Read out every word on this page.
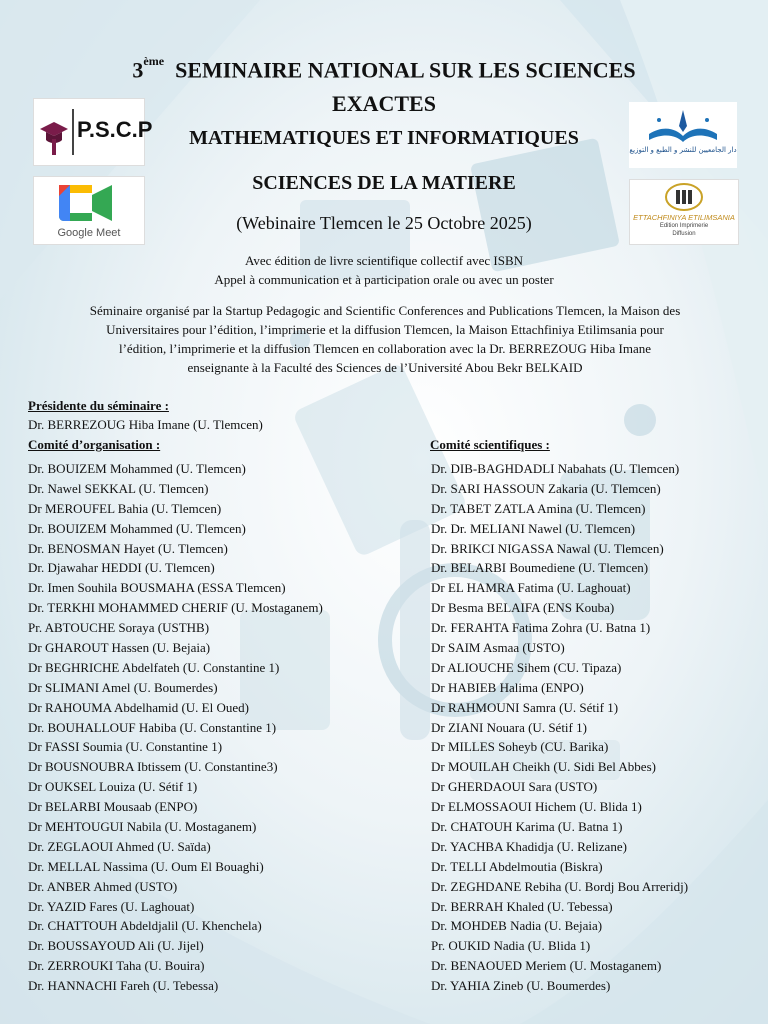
P.S.C.P
Google Meet
دار الجامعيين للنشر و الطبع و التوزيع
ETTACHFINIYA ETILIMSANIA
Edition Imprimerie
Diffusion
3ème SEMINAIRE NATIONAL SUR LES SCIENCES
EXACTES
MATHEMATIQUES ET INFORMATIQUES
SCIENCES DE LA MATIERE
(Webinaire Tlemcen le 25 Octobre 2025)
Avec édition de livre scientifique collectif avec ISBN
Appel à communication et à participation orale ou avec un poster
Séminaire organisé par la Startup Pedagogic and Scientific Conferences and Publications Tlemcen, la Maison des
Universitaires pour l’édition, l’imprimerie et la diffusion Tlemcen, la Maison Ettachfiniya Etilimsania pour
l’édition, l’imprimerie et la diffusion Tlemcen en collaboration avec la Dr. BERREZOUG Hiba Imane
enseignante à la Faculté des Sciences de l’Université Abou Bekr BELKAID
Présidente du séminaire :
Dr. BERREZOUG Hiba Imane (U. Tlemcen)
Comité d’organisation :	Comité scientifiques :
Dr. BOUIZEM Mohammed (U. Tlemcen)
Dr. Nawel SEKKAL (U. Tlemcen)
Dr MEROUFEL Bahia (U. Tlemcen)
Dr. BOUIZEM Mohammed (U. Tlemcen)
Dr. BENOSMAN Hayet (U. Tlemcen)
Dr. Djawahar HEDDI (U. Tlemcen)
Dr. Imen Souhila BOUSMAHA (ESSA Tlemcen)
Dr. TERKHI MOHAMMED CHERIF (U. Mostaganem)
Pr. ABTOUCHE Soraya (USTHB)
Dr GHAROUT Hassen (U. Bejaia)
Dr BEGHRICHE Abdelfateh (U. Constantine 1)
Dr SLIMANI Amel (U. Boumerdes)
Dr RAHOUMA Abdelhamid (U. El Oued)
Dr. BOUHALLOUF Habiba (U. Constantine 1)
Dr FASSI Soumia (U. Constantine 1)
Dr BOUSNOUBRA Ibtissem (U. Constantine3)
Dr OUKSEL Louiza (U. Sétif 1)
Dr BELARBI Mousaab (ENPO)
Dr MEHTOUGUI Nabila (U. Mostaganem)
Dr. ZEGLAOUI Ahmed (U. Saïda)
Dr. MELLAL Nassima (U. Oum El Bouaghi)
Dr. ANBER Ahmed (USTO)
Dr. YAZID Fares (U. Laghouat)
Dr. CHATTOUH Abdeldjalil (U. Khenchela)
Dr. BOUSSAYOUD Ali (U. Jijel)
Dr. ZERROUKI Taha (U. Bouira)
Dr. HANNACHI Fareh (U. Tebessa)
Dr. DIB-BAGHDADLI Nabahats (U. Tlemcen)
Dr. SARI HASSOUN Zakaria (U. Tlemcen)
Dr. TABET ZATLA Amina (U. Tlemcen)
Dr. Dr. MELIANI Nawel (U. Tlemcen)
Dr. BRIKCI NIGASSA Nawal (U. Tlemcen)
Dr. BELARBI Boumediene (U. Tlemcen)
Dr EL HAMRA Fatima (U. Laghouat)
Dr Besma BELAIFA (ENS Kouba)
Dr. FERAHTA Fatima Zohra (U. Batna 1)
Dr SAIM Asmaa (USTO)
Dr ALIOUCHE Sihem (CU. Tipaza)
Dr HABIEB Halima (ENPO)
Dr RAHMOUNI Samra (U. Sétif 1)
Dr ZIANI Nouara (U. Sétif 1)
Dr MILLES Soheyb (CU. Barika)
Dr MOUILAH Cheikh (U. Sidi Bel Abbes)
Dr GHERDAOUI Sara (USTO)
Dr ELMOSSAOUI Hichem (U. Blida 1)
Dr. CHATOUH Karima (U. Batna 1)
Dr. YACHBA Khadidja (U. Relizane)
Dr. TELLI Abdelmoutia (Biskra)
Dr. ZEGHDANE Rebiha (U. Bordj Bou Arreridj)
Dr. BERRAH Khaled (U. Tebessa)
Dr. MOHDEB Nadia (U. Bejaia)
Pr. OUKID Nadia (U. Blida 1)
Dr. BENAOUED Meriem (U. Mostaganem)
Dr. YAHIA Zineb (U. Boumerdes)
